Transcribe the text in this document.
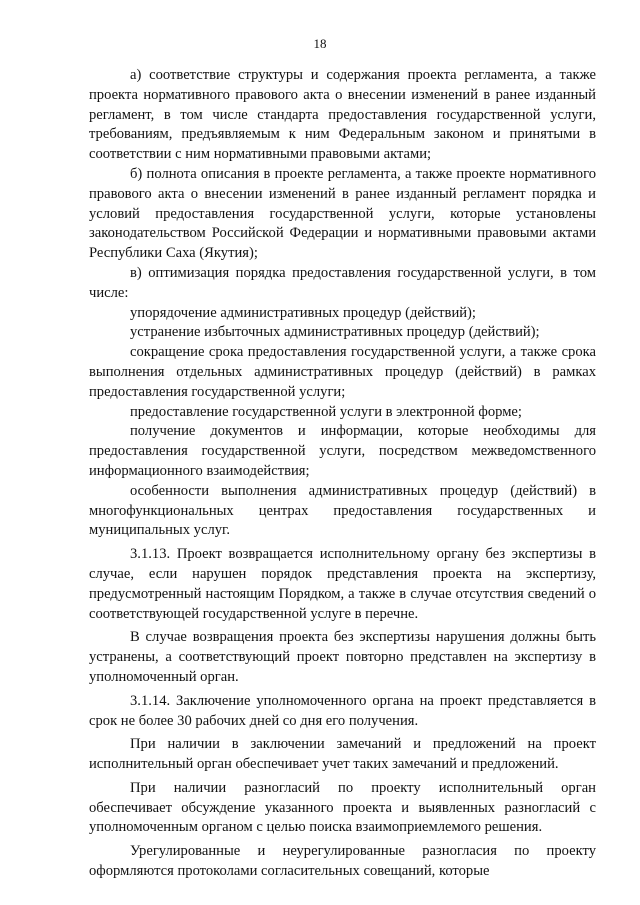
18

а) соответствие структуры и содержания проекта регламента, а также проекта нормативного правового акта о внесении изменений в ранее изданный регламент, в том числе стандарта предоставления государственной услуги, требованиям, предъявляемым к ним Федеральным законом и принятыми в соответствии с ним нормативными правовыми актами;

б) полнота описания в проекте регламента, а также проекте нормативного правового акта о внесении изменений в ранее изданный регламент порядка и условий предоставления государственной услуги, которые установлены законодательством Российской Федерации и нормативными правовыми актами Республики Саха (Якутия);

в) оптимизация порядка предоставления государственной услуги, в том числе:

упорядочение административных процедур (действий);

устранение избыточных административных процедур (действий);

сокращение срока предоставления государственной услуги, а также срока выполнения отдельных административных процедур (действий) в рамках предоставления государственной услуги;

предоставление государственной услуги в электронной форме;

получение документов и информации, которые необходимы для предоставления государственной услуги, посредством межведомственного информационного взаимодействия;

особенности выполнения административных процедур (действий) в многофункциональных центрах предоставления государственных и муниципальных услуг.

3.1.13. Проект возвращается исполнительному органу без экспертизы в случае, если нарушен порядок представления проекта на экспертизу, предусмотренный настоящим Порядком, а также в случае отсутствия сведений о соответствующей государственной услуге в перечне.

В случае возвращения проекта без экспертизы нарушения должны быть устранены, а соответствующий проект повторно представлен на экспертизу в уполномоченный орган.

3.1.14. Заключение уполномоченного органа на проект представляется в срок не более 30 рабочих дней со дня его получения.

При наличии в заключении замечаний и предложений на проект исполнительный орган обеспечивает учет таких замечаний и предложений.

При наличии разногласий по проекту исполнительный орган обеспечивает обсуждение указанного проекта и выявленных разногласий с уполномоченным органом с целью поиска взаимоприемлемого решения.

Урегулированные и неурегулированные разногласия по проекту оформляются протоколами согласительных совещаний, которые
